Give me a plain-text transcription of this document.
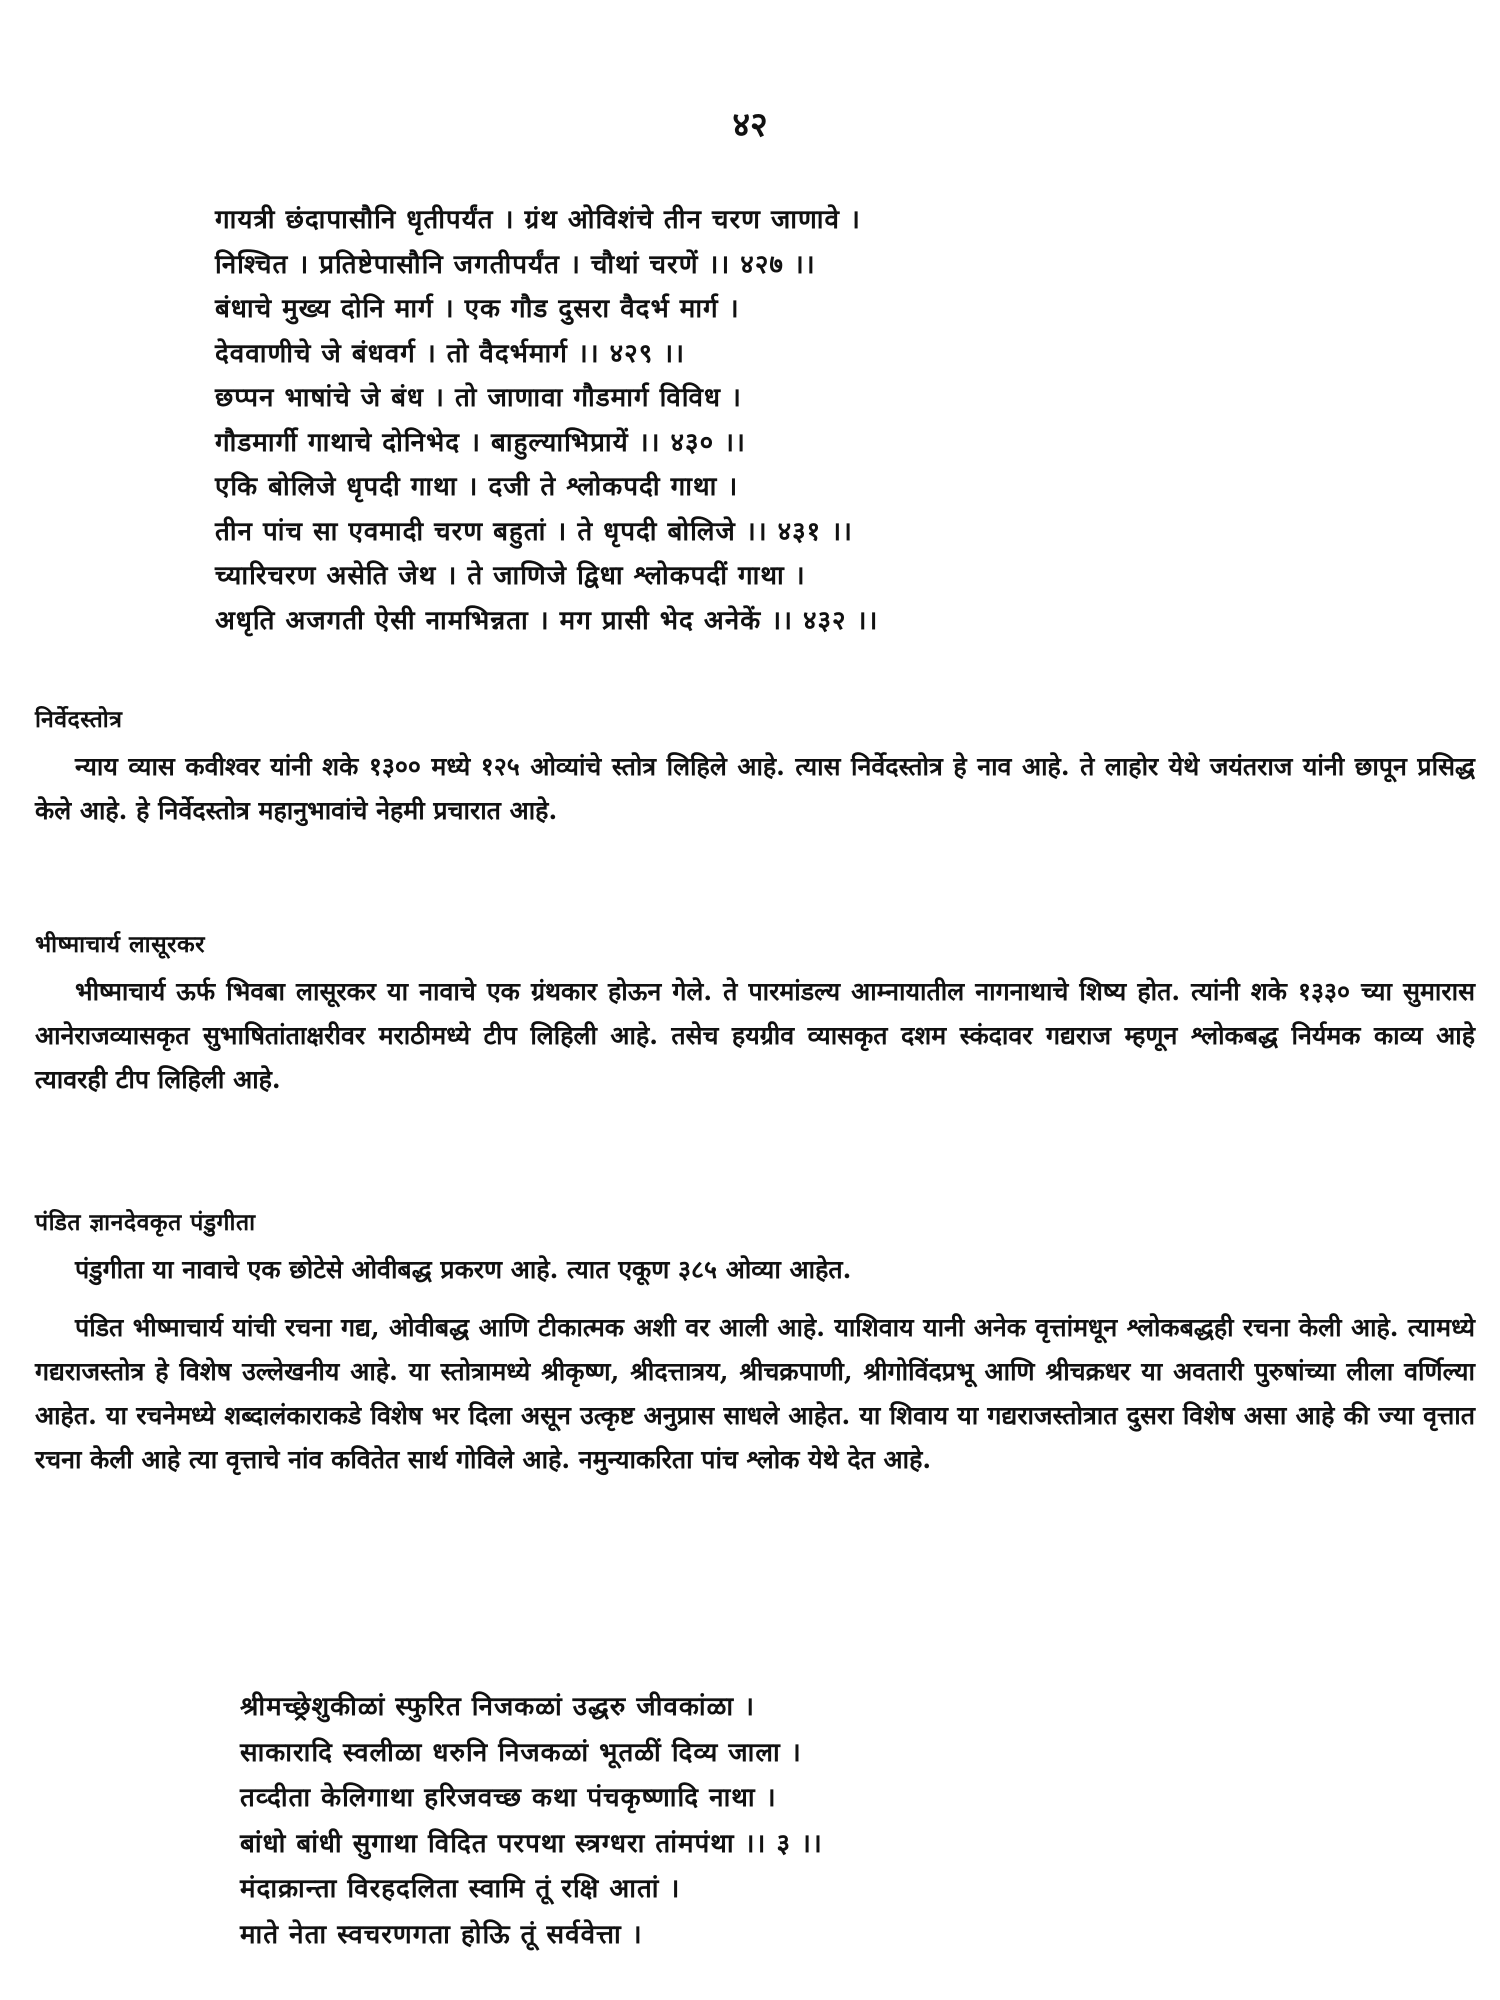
४२
गायत्री छंदापासौनि धृतीपर्यंत । ग्रंथ ओविशंचे तीन चरण जाणावे ।
निश्चित । प्रतिष्टेपासौनि जगतीपर्यंत । चौथां चरणें ।। ४२७ ।।
बंधाचे मुख्य दोनि मार्ग । एक गौड दुसरा वैदर्भ मार्ग ।
देववाणीचे जे बंधवर्ग । तो वैदर्भमार्ग ।। ४२९ ।।
छप्पन भाषांचे जे बंध । तो जाणावा गौडमार्ग विविध ।
गौडमार्गी गाथाचे दोनिभेद । बाहुल्याभिप्रायें ।। ४३० ।।
एकि बोलिजे धृपदी गाथा । दजी ते श्लोकपदी गाथा ।
तीन पांच सा एवमादी चरण बहुतां । ते धृपदी बोलिजे ।। ४३१ ।।
च्यारिचरण असेति जेथ । ते जाणिजे द्विधा श्लोकपदीं गाथा ।
अधृति अजगती ऐसी नामभिन्नता । मग प्रासी भेद अनेकें ।। ४३२ ।।
निर्वेदस्तोत्र

न्याय व्यास कवीश्वर यांनी शके १३०० मध्ये १२५ ओव्यांचे स्तोत्र लिहिले आहे. त्यास निर्वेदस्तोत्र हे नाव आहे. ते लाहोर येथे जयंतराज यांनी छापून प्रसिद्ध केले आहे. हे निर्वेदस्तोत्र महानुभावांचे नेहमी प्रचारात आहे.

भीष्माचार्य लासूरकर

भीष्माचार्य ऊर्फ भिवबा लासूरकर या नावाचे एक ग्रंथकार होऊन गेले. ते पारमांडल्य आम्नायातील नागनाथाचे शिष्य होत. त्यांनी शके १३३० च्या सुमारास आनेराजव्यासकृत सुभाषितांताक्षरीवर मराठीमध्ये टीप लिहिली आहे. तसेच हयग्रीव व्यासकृत दशम स्कंदावर गद्यराज म्हणून श्लोकबद्ध निर्यमक काव्य आहे त्यावरही टीप लिहिली आहे.

पंडित ज्ञानदेवकृत पंडुगीता

पंडुगीता या नावाचे एक छोटेसे ओवीबद्ध प्रकरण आहे. त्यात एकूण ३८५ ओव्या आहेत.

पंडित भीष्माचार्य यांची रचना गद्य, ओवीबद्ध आणि टीकात्मक अशी वर आली आहे. याशिवाय यानी अनेक वृत्तांमधून श्लोकबद्धही रचना केली आहे. त्यामध्ये गद्यराजस्तोत्र हे विशेष उल्लेखनीय आहे. या स्तोत्रामध्ये श्रीकृष्ण, श्रीदत्तात्रय, श्रीचक्रपाणी, श्रीगोविंदप्रभू आणि श्रीचक्रधर या अवतारी पुरुषांच्या लीला वर्णिल्या आहेत. या रचनेमध्ये शब्दालंकाराकडे विशेष भर दिला असून उत्कृष्ट अनुप्रास साधले आहेत. या शिवाय या गद्यराजस्तोत्रात दुसरा विशेष असा आहे की ज्या वृत्तात रचना केली आहे त्या वृत्ताचे नांव कवितेत सार्थ गोविले आहे. नमुन्याकरिता पांच श्लोक येथे देत आहे.

श्रीमच्छ्रेशुकीळां स्फुरित निजकळां उद्धरु जीवकांळा ।
साकारादि स्वलीळा धरुनि निजकळां भूतळीं दिव्य जाला ।
तव्दीता केलिगाथा हरिजवच्छ कथा पंचकृष्णादि नाथा ।
बांधो बांधी सुगाथा विदित परपथा स्त्रग्धरा तांमपंथा ।। ३ ।।
मंदाक्रान्ता विरहदलिता स्वामि तूं रक्षि आतां ।
माते नेता स्वचरणगता होऊि तूं सर्ववेत्ता ।
